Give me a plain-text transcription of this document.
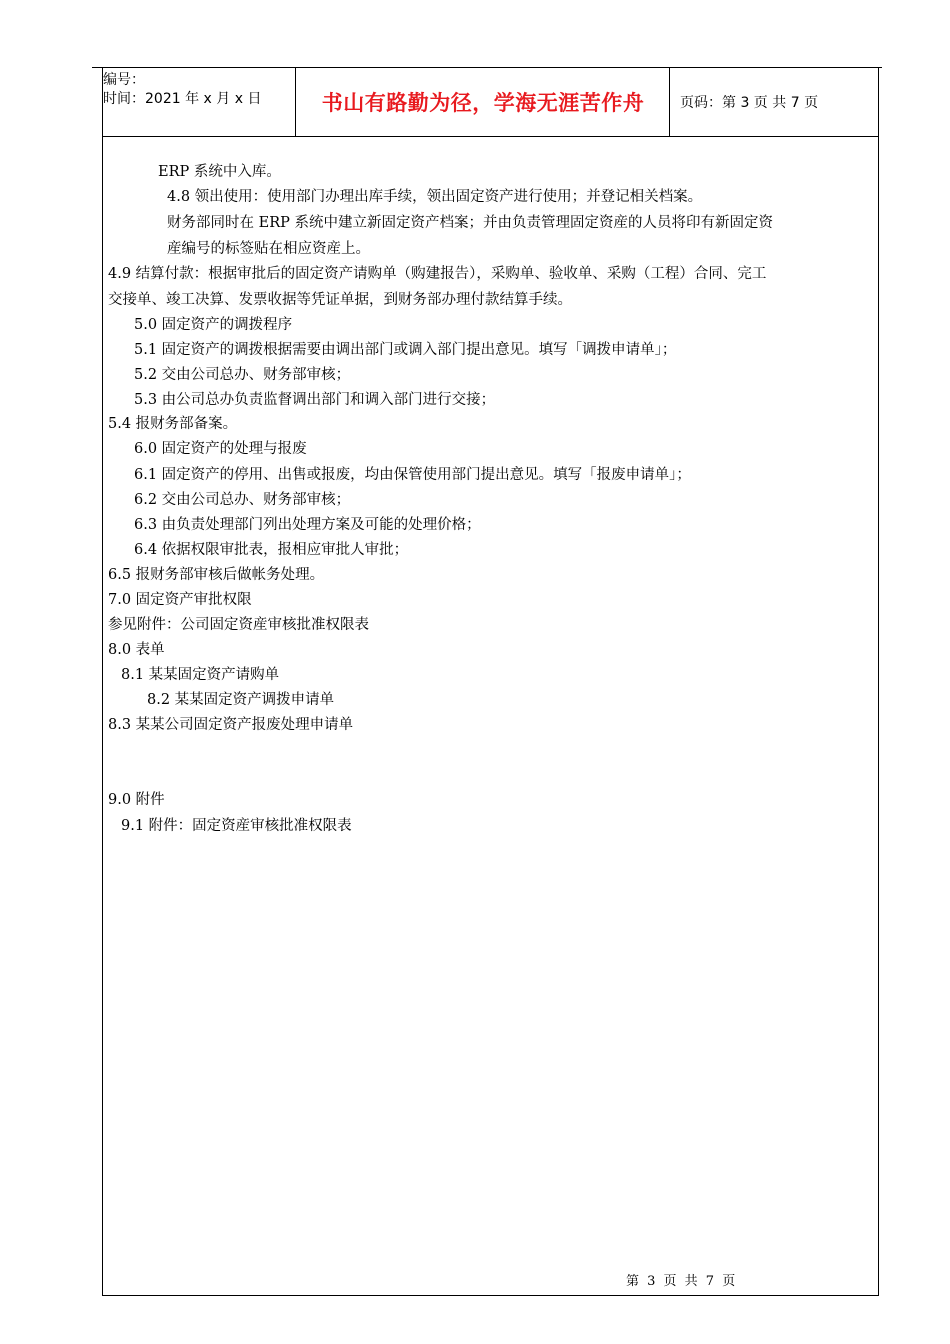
编号：
时间：2021 年 x 月 x 日	书山有路勤为径，学海无涯苦作舟	页码：第 3 页 共 7 页
ERP 系统中入库。
4.8 领出使用：使用部门办理出库手续，领出固定资产进行使用；并登记相关档案。
财务部同时在 ERP 系统中建立新固定资产档案；并由负责管理固定资産的人员将印有新固定资
産编号的标签贴在相应资産上。
4.9 结算付款：根据审批后的固定资产请购单（购建报告），采购单、验收单、采购（工程）合同、完工
交接单、竣工决算、发票收据等凭证单据，到财务部办理付款结算手续。
5.0 固定资产的调拨程序
5.1 固定资产的调拨根据需要由调出部门或调入部门提出意见。填写「调拨申请单」；
5.2 交由公司总办、财务部审核；
5.3 由公司总办负责监督调出部门和调入部门进行交接；
5.4 报财务部备案。
6.0 固定资产的处理与报废
6.1 固定资产的停用、出售或报废，均由保管使用部门提出意见。填写「报废申请单」；
6.2 交由公司总办、财务部审核；
6.3 由负责处理部门列出处理方案及可能的处理价格；
6.4 依据权限审批表，报相应审批人审批；
6.5 报财务部审核后做帐务处理。
7.0 固定资产审批权限
参见附件：公司固定资産审核批准权限表
8.0 表单
8.1 某某固定资产请购单
8.2 某某固定资产调拨申请单
8.3 某某公司固定资产报废处理申请单
9.0 附件
9.1 附件：固定资産审核批准权限表
第 3 页 共 7 页
